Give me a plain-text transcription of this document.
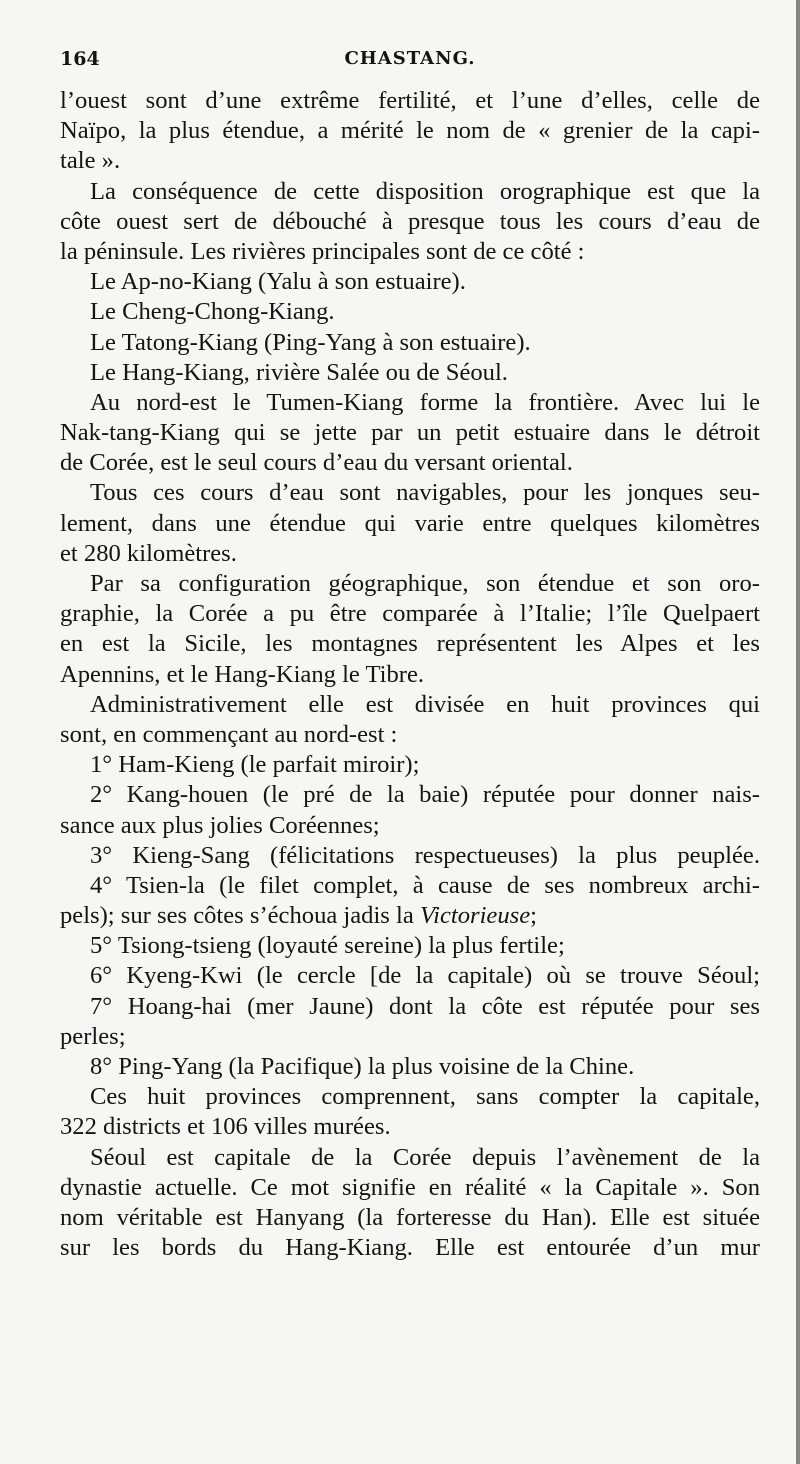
164	CHASTANG.
l’ouest sont d’une extrême fertilité, et l’une d’elles, celle de
Naïpo, la plus étendue, a mérité le nom de « grenier de la capi-
tale ».
La conséquence de cette disposition orographique est que la
côte ouest sert de débouché à presque tous les cours d’eau de
la péninsule. Les rivières principales sont de ce côté :
Le Ap-no-Kiang (Yalu à son estuaire).
Le Cheng-Chong-Kiang.
Le Tatong-Kiang (Ping-Yang à son estuaire).
Le Hang-Kiang, rivière Salée ou de Séoul.
Au nord-est le Tumen-Kiang forme la frontière. Avec lui le
Nak-tang-Kiang qui se jette par un petit estuaire dans le détroit
de Corée, est le seul cours d’eau du versant oriental.
Tous ces cours d’eau sont navigables, pour les jonques seu-
lement, dans une étendue qui varie entre quelques kilomètres
et 280 kilomètres.
Par sa configuration géographique, son étendue et son oro-
graphie, la Corée a pu être comparée à l’Italie; l’île Quelpaert
en est la Sicile, les montagnes représentent les Alpes et les
Apennins, et le Hang-Kiang le Tibre.
Administrativement elle est divisée en huit provinces qui
sont, en commençant au nord-est :
1° Ham-Kieng (le parfait miroir);
2° Kang-houen (le pré de la baie) réputée pour donner nais-
sance aux plus jolies Coréennes;
3° Kieng-Sang (félicitations respectueuses) la plus peuplée.
4° Tsien-la (le filet complet, à cause de ses nombreux archi-
pels); sur ses côtes s’échoua jadis la Victorieuse;
5° Tsiong-tsieng (loyauté sereine) la plus fertile;
6° Kyeng-Kwi (le cercle [de la capitale) où se trouve Séoul;
7° Hoang-hai (mer Jaune) dont la côte est réputée pour ses
perles;
8° Ping-Yang (la Pacifique) la plus voisine de la Chine.
Ces huit provinces comprennent, sans compter la capitale,
322 districts et 106 villes murées.
Séoul est capitale de la Corée depuis l’avènement de la
dynastie actuelle. Ce mot signifie en réalité « la Capitale ». Son
nom véritable est Hanyang (la forteresse du Han). Elle est située
sur les bords du Hang-Kiang. Elle est entourée d’un mur
